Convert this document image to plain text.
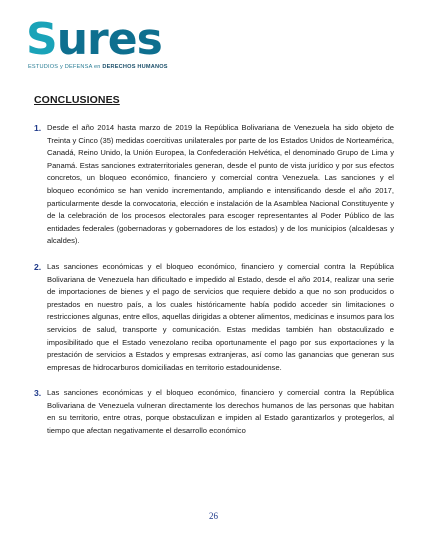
Sures
ESTUDIOS y DEFENSA en DERECHOS HUMANOS
CONCLUSIONES
1. Desde el año 2014 hasta marzo de 2019 la República Bolivariana de Venezuela ha sido objeto de Treinta y Cinco (35) medidas coercitivas unilaterales por parte de los Estados Unidos de Norteamérica, Canadá, Reino Unido, la Unión Europea, la Confederación Helvética, el denominado Grupo de Lima y Panamá. Estas sanciones extraterritoriales generan, desde el punto de vista jurídico y por sus efectos concretos, un bloqueo económico, financiero y comercial contra Venezuela. Las sanciones y el bloqueo económico se han venido incrementando, ampliando e intensificando desde el año 2017, particularmente desde la convocatoria, elección e instalación de la Asamblea Nacional Constituyente y de la celebración de los procesos electorales para escoger representantes al Poder Público de las entidades federales (gobernadoras y gobernadores de los estados) y de los municipios (alcaldesas y alcaldes).
2. Las sanciones económicas y el bloqueo económico, financiero y comercial contra la República Bolivariana de Venezuela han dificultado e impedido al Estado, desde el año 2014, realizar una serie de importaciones de bienes y el pago de servicios que requiere debido a que no son producidos o prestados en nuestro país, a los cuales históricamente había podido acceder sin limitaciones o restricciones algunas, entre ellos, aquellas dirigidas a obtener alimentos, medicinas e insumos para los servicios de salud, transporte y comunicación. Estas medidas también han obstaculizado e imposibilitado que el Estado venezolano reciba oportunamente el pago por sus exportaciones y la prestación de servicios a Estados y empresas extranjeras, así como las ganancias que generan sus empresas de hidrocarburos domiciliadas en territorio estadounidense.
3. Las sanciones económicas y el bloqueo económico, financiero y comercial contra la República Bolivariana de Venezuela vulneran directamente los derechos humanos de las personas que habitan en su territorio, entre otras, porque obstaculizan e impiden al Estado garantizarlos y protegerlos, al tiempo que afectan negativamente el desarrollo económico
26
